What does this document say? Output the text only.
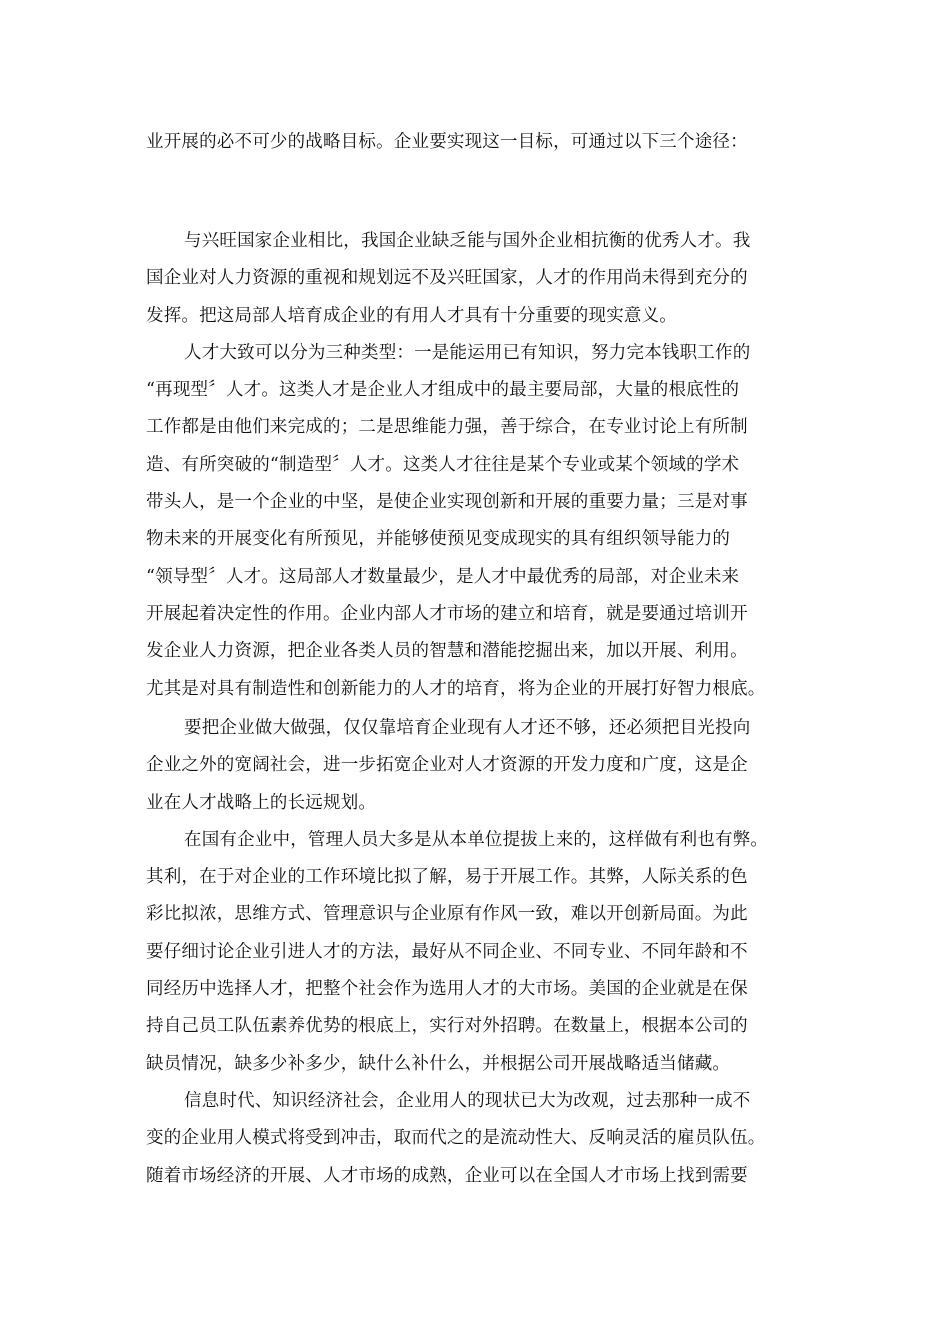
业开展的必不可少的战略目标。企业要实现这一目标，可通过以下三个途径：
与兴旺国家企业相比，我国企业缺乏能与国外企业相抗衡的优秀人才。我
国企业对人力资源的重视和规划远不及兴旺国家，人才的作用尚未得到充分的
发挥。把这局部人培育成企业的有用人才具有十分重要的现实意义。
人才大致可以分为三种类型：一是能运用已有知识，努力完本钱职工作的
“再现型〞人才。这类人才是企业人才组成中的最主要局部，大量的根底性的
工作都是由他们来完成的；二是思维能力强，善于综合，在专业讨论上有所制
造、有所突破的“制造型〞人才。这类人才往往是某个专业或某个领域的学术
带头人，是一个企业的中坚，是使企业实现创新和开展的重要力量；三是对事
物未来的开展变化有所预见，并能够使预见变成现实的具有组织领导能力的
“领导型〞人才。这局部人才数量最少，是人才中最优秀的局部，对企业未来
开展起着决定性的作用。企业内部人才市场的建立和培育，就是要通过培训开
发企业人力资源，把企业各类人员的智慧和潜能挖掘出来，加以开展、利用。
尤其是对具有制造性和创新能力的人才的培育，将为企业的开展打好智力根底。
要把企业做大做强，仅仅靠培育企业现有人才还不够，还必须把目光投向
企业之外的宽阔社会，进一步拓宽企业对人才资源的开发力度和广度，这是企
业在人才战略上的长远规划。
在国有企业中，管理人员大多是从本单位提拔上来的，这样做有利也有弊。
其利，在于对企业的工作环境比拟了解，易于开展工作。其弊，人际关系的色
彩比拟浓，思维方式、管理意识与企业原有作风一致，难以开创新局面。为此
要仔细讨论企业引进人才的方法，最好从不同企业、不同专业、不同年龄和不
同经历中选择人才，把整个社会作为选用人才的大市场。美国的企业就是在保
持自己员工队伍素养优势的根底上，实行对外招聘。在数量上，根据本公司的
缺员情况，缺多少补多少，缺什么补什么，并根据公司开展战略适当储藏。
信息时代、知识经济社会，企业用人的现状已大为改观，过去那种一成不
变的企业用人模式将受到冲击，取而代之的是流动性大、反响灵活的雇员队伍。
随着市场经济的开展、人才市场的成熟，企业可以在全国人才市场上找到需要
